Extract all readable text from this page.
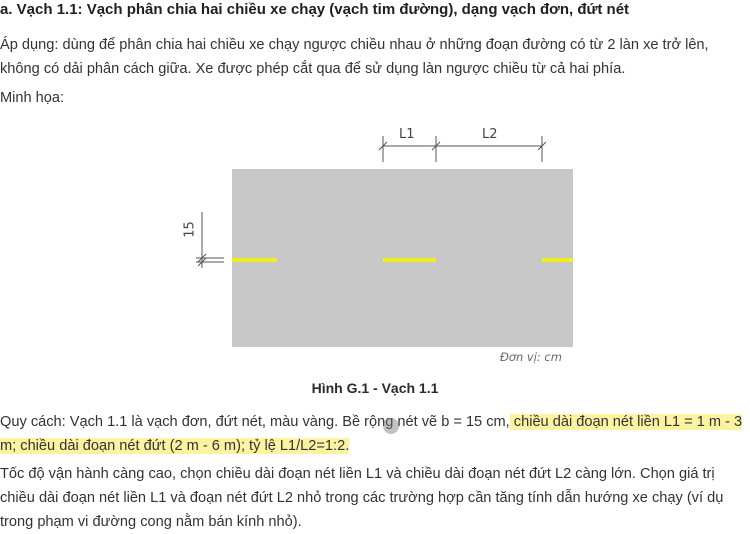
a. Vạch 1.1: Vạch phân chia hai chiều xe chạy (vạch tim đường), dạng vạch đơn, đứt nét
Áp dụng: dùng để phân chia hai chiều xe chạy ngược chiều nhau ở những đoạn đường có từ 2 làn xe trở lên, không có dải phân cách giữa. Xe được phép cắt qua để sử dụng làn ngược chiều từ cả hai phía.
Minh họa:
L1	L2
15
Đơn vị: cm
Hình G.1 - Vạch 1.1
Quy cách: Vạch 1.1 là vạch đơn, đứt nét, màu vàng. Bề rộng nét vẽ b = 15 cm, chiều dài đoạn nét liền L1 = 1 m - 3 m; chiều dài đoạn nét đứt (2 m - 6 m); tỷ lệ L1/L2=1:2.
Tốc độ vận hành càng cao, chọn chiều dài đoạn nét liền L1 và chiều dài đoạn nét đứt L2 càng lớn. Chọn giá trị chiều dài đoạn nét liền L1 và đoạn nét đứt L2 nhỏ trong các trường hợp cần tăng tính dẫn hướng xe chạy (ví dụ trong phạm vi đường cong nằm bán kính nhỏ).
